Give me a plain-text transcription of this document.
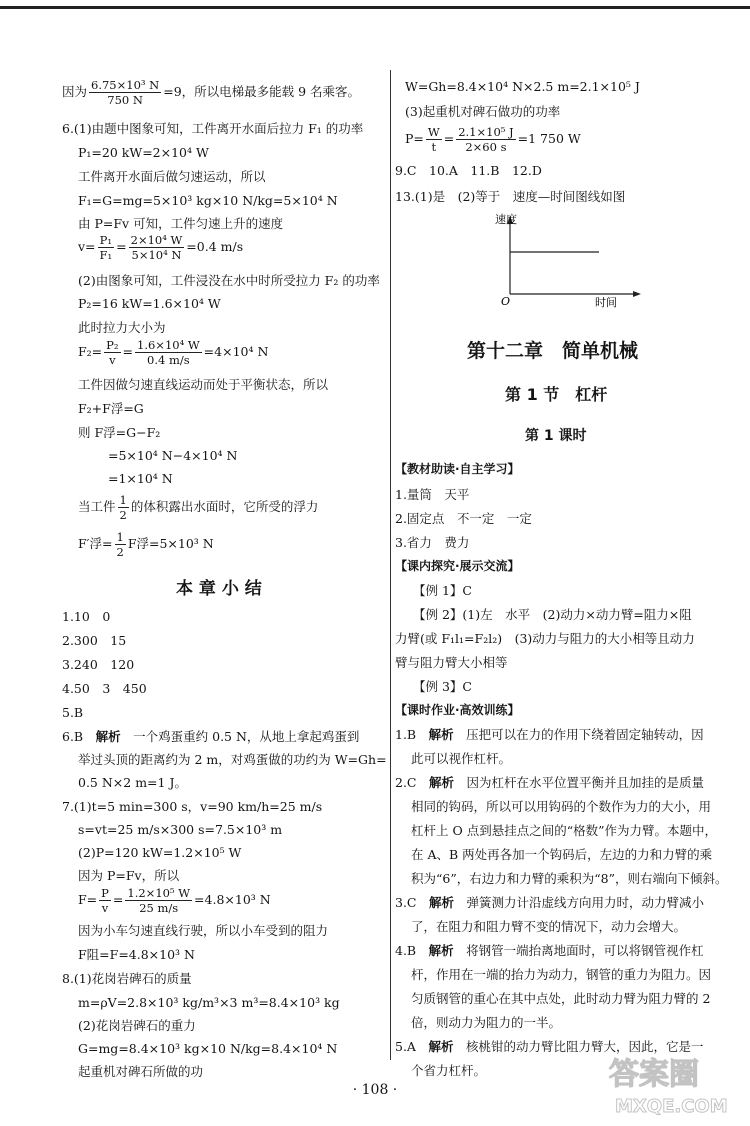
因为 $\frac{\text{6.75×10³ N}}{750 N} =9$，所以电梯最多能载 9 名乘客。
6.(1)由题中图象可知，工件离开水面后拉力 F₁ 的功率
P₁=20 kW=2×10⁴ W
工件离开水面后做匀速运动，所以
F₁=G=mg=5×10³ kg×10 N/kg=5×10⁴ N
由 P=Fv 可知，工件匀速上升的速度
$v= \frac{\text{P₁}}{\text{F₁}} = \frac{\text{2×10⁴ W}}{\text{5×10⁴ N}} =0.4$ m/s
(2)由图象可知，工件浸没在水中时所受拉力 F₂ 的功率
P₂=16 kW=1.6×10⁴ W
此时拉力大小为
$F_2= \frac{\text{P₂}}{v} = \frac{\text{1.6×10⁴ W}}{0.4 m/s} =4\times 10^4$ N
工件因做匀速直线运动而处于平衡状态，所以
F₂+F浮=G
则 F浮=G−F₂
=5×10⁴ N−4×10⁴ N
=1×10⁴ N
当工件 $\frac{1}{2}$ 的体积露出水面时，它所受的浮力
F′浮= $\frac{1}{2}$ F浮=5×10³ N
本 章 小 结
1.10　0
2.300　15
3.240　120
4.50　3　450
5.B
6.B　解析　一个鸡蛋重约 0.5 N，从地上拿起鸡蛋到
举过头顶的距离约为 2 m，对鸡蛋做的功约为 W=Gh=
0.5 N×2 m=1 J。
7.(1)t=5 min=300 s，v=90 km/h=25 m/s
s=vt=25 m/s×300 s=7.5×10³ m
(2)P=120 kW=1.2×10⁵ W
因为 P=Fv，所以
$F= \frac{P}{v} = \frac{\text{1.2×10⁵ W}}{25 m/s} =4.8\times 10^3$ N
因为小车匀速直线行驶，所以小车受到的阻力
F阻=F=4.8×10³ N
8.(1)花岗岩碑石的质量
m=ρV=2.8×10³ kg/m³×3 m³=8.4×10³ kg
(2)花岗岩碑石的重力
G=mg=8.4×10³ kg×10 N/kg=8.4×10⁴ N
起重机对碑石所做的功
W=Gh=8.4×10⁴ N×2.5 m=2.1×10⁵ J
(3)起重机对碑石做功的功率
$P= \frac{W}{t} = \frac{\text{2.1×10⁵ J}}{2\times 60 s} =1$ 750 W
9.C　10.A　11.B　12.D
13.(1)是　(2)等于　速度—时间图线如图
速度
时间
O
第十二章　简单机械
第 1 节　杠杆
第 1 课时
【教材助读·自主学习】
1.量筒　天平
2.固定点　不一定　一定
3.省力　费力
【课内探究·展示交流】
【例 1】C
【例 2】(1)左　水平　(2)动力×动力臂=阻力×阻
力臂(或 F₁l₁=F₂l₂)　(3)动力与阻力的大小相等且动力
臂与阻力臂大小相等
【例 3】C
【课时作业·高效训练】
1.B　解析　压把可以在力的作用下绕着固定轴转动，因
此可以视作杠杆。
2.C　解析　因为杠杆在水平位置平衡并且加挂的是质量
相同的钩码，所以可以用钩码的个数作为力的大小，用
杠杆上 O 点到悬挂点之间的“格数”作为力臂。本题中，
在 A、B 两处再各加一个钩码后，左边的力和力臂的乘
积为“6”，右边力和力臂的乘积为“8”，则右端向下倾斜。
3.C　解析　弹簧测力计沿虚线方向用力时，动力臂减小
了，在阻力和阻力臂不变的情况下，动力会增大。
4.B　解析　将钢管一端抬离地面时，可以将钢管视作杠
杆，作用在一端的抬力为动力，钢管的重力为阻力。因
匀质钢管的重心在其中点处，此时动力臂为阻力臂的 2
倍，则动力为阻力的一半。
5.A　解析　核桃钳的动力臂比阻力臂大，因此，它是一
个省力杠杆。
· 108 ·	答案圈
MXQE.COM
